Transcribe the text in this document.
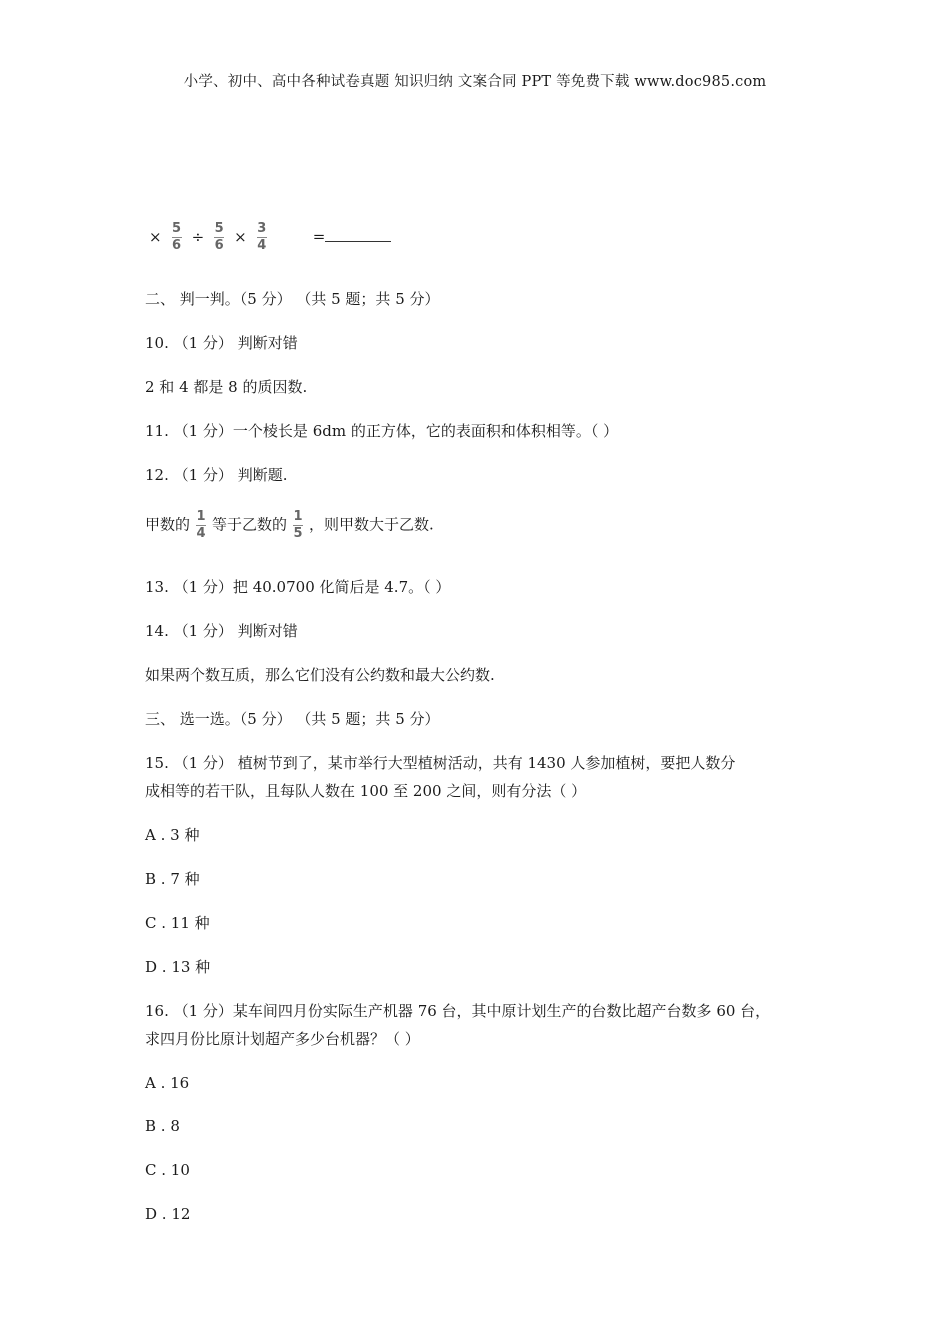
小学、初中、高中各种试卷真题 知识归纳 文案合同 PPT 等免费下载 www.doc985.com
× $\frac{5}{6} \div \frac{5}{6} \times \frac{3}{4}$	=
二、 判一判。（5 分） （共 5 题；共 5 分）
10. （1 分） 判断对错
2 和 4 都是 8 的质因数.
11. （1 分）一个棱长是 6dm 的正方体，它的表面积和体积相等。（ ）
12. （1 分） 判断题.
甲数的 $\frac{1}{4}$ 等于乙数的 $\frac{1}{5}$ ，则甲数大于乙数.
13. （1 分）把 40.0700 化简后是 4.7。（ ）
14. （1 分） 判断对错
如果两个数互质，那么它们没有公约数和最大公约数.
三、 选一选。（5 分） （共 5 题；共 5 分）
15. （1 分） 植树节到了，某市举行大型植树活动，共有 1430 人参加植树，要把人数分
成相等的若干队，且每队人数在 100 至 200 之间，则有分法（ ）
A . 3 种
B . 7 种
C . 11 种
D . 13 种
16. （1 分）某车间四月份实际生产机器 76 台，其中原计划生产的台数比超产台数多 60 台，
求四月份比原计划超产多少台机器？（ ）
A . 16
B . 8
C . 10
D . 12
